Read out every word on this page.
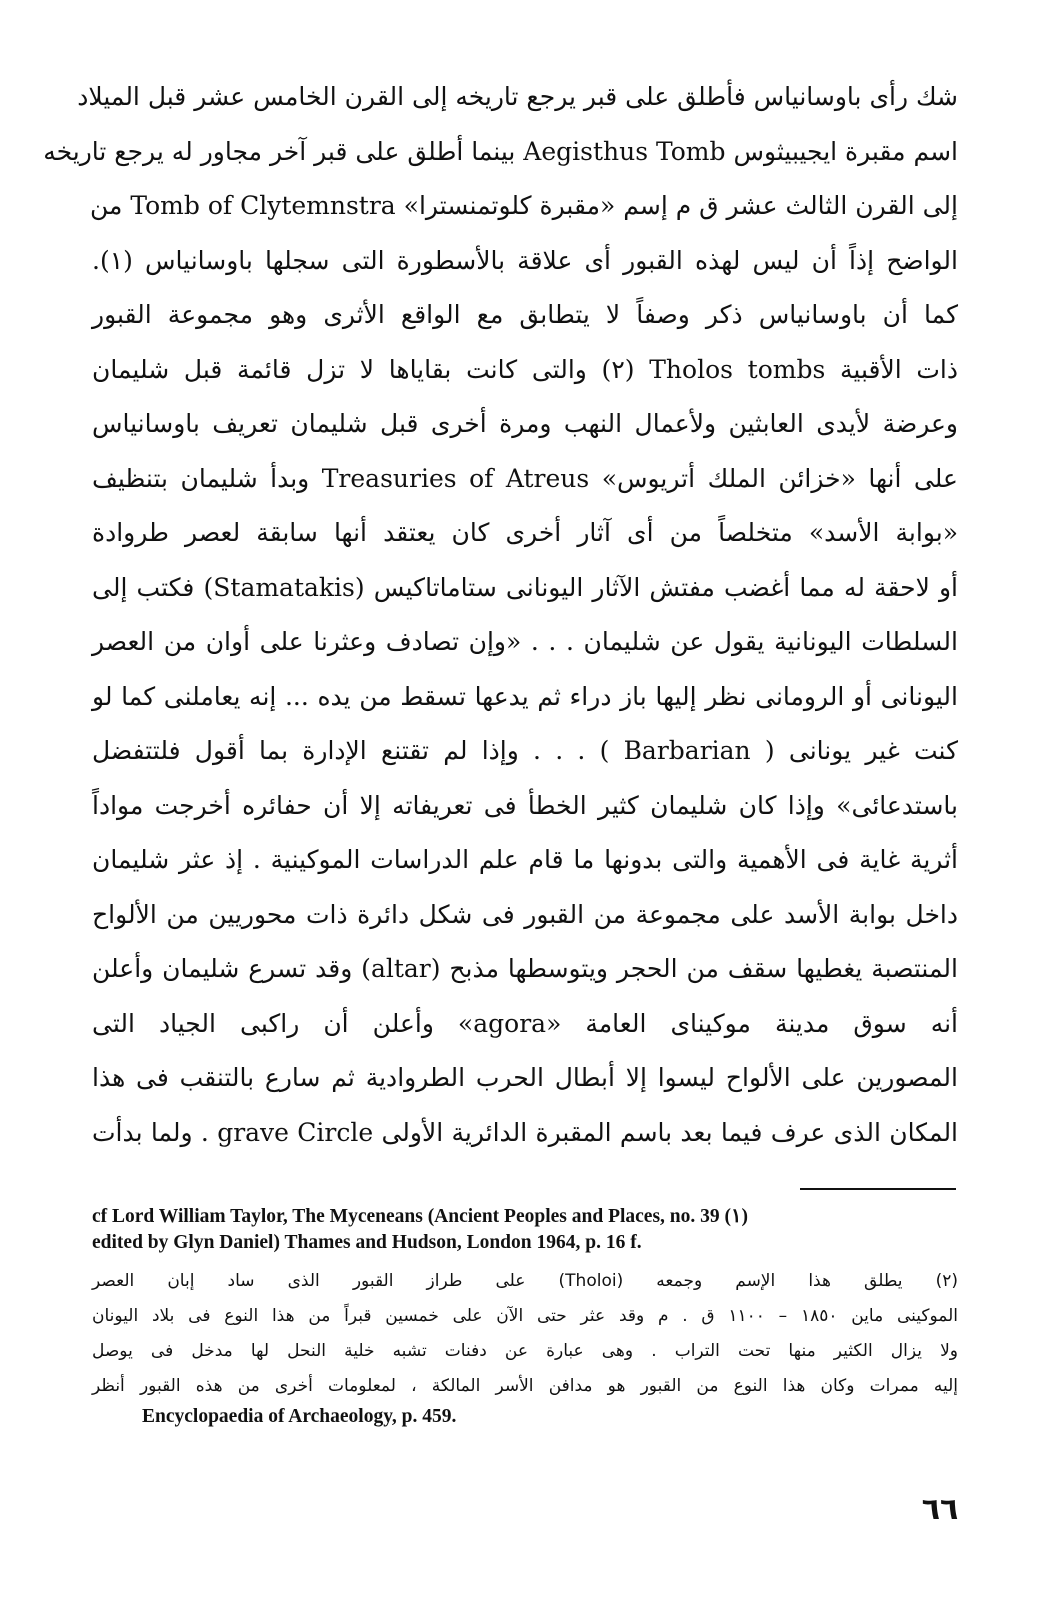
شك رأى باوسانياس فأطلق على قبر يرجع تاريخه إلى القرن الخامس عشر قبل الميلاد
اسم مقبرة ايجيبيثوس Aegisthus Tomb بينما أطلق على قبر آخر مجاور له يرجع تاريخه
إلى القرن الثالث عشر ق م إسم «مقبرة كلوتمنسترا» Tomb of Clytemnstra من
الواضح إذاً أن ليس لهذه القبور أى علاقة بالأسطورة التى سجلها باوسانياس (١).
كما أن باوسانياس ذكر وصفاً لا يتطابق مع الواقع الأثرى وهو مجموعة القبور
ذات الأقبية Tholos tombs (٢) والتى كانت بقاياها لا تزل قائمة قبل شليمان
وعرضة لأيدى العابثين ولأعمال النهب ومرة أخرى قبل شليمان تعريف باوسانياس
على أنها «خزائن الملك أتريوس» Treasuries of Atreus وبدأ شليمان بتنظيف
«بوابة الأسد» متخلصاً من أى آثار أخرى كان يعتقد أنها سابقة لعصر طروادة
أو لاحقة له مما أغضب مفتش الآثار اليونانى ستاماتاكيس (Stamatakis) فكتب إلى
السلطات اليونانية يقول عن شليمان . . . «وإن تصادف وعثرنا على أوان من العصر
اليونانى أو الرومانى نظر إليها باز دراء ثم يدعها تسقط من يده ... إنه يعاملنى كما لو
كنت غير يونانى ( Barbarian ) . . . وإذا لم تقتنع الإدارة بما أقول فلتتفضل
باستدعائى» وإذا كان شليمان كثير الخطأ فى تعريفاته إلا أن حفائره أخرجت مواداً
أثرية غاية فى الأهمية والتى بدونها ما قام علم الدراسات الموكينية . إذ عثر شليمان
داخل بوابة الأسد على مجموعة من القبور فى شكل دائرة ذات محوريين من الألواح
المنتصبة يغطيها سقف من الحجر ويتوسطها مذبح (altar) وقد تسرع شليمان وأعلن
أنه سوق مدينة موكيناى العامة «agora» وأعلن أن راكبى الجياد التى
المصورين على الألواح ليسوا إلا أبطال الحرب الطروادية ثم سارع بالتنقب فى هذا
المكان الذى عرف فيما بعد باسم المقبرة الدائرية الأولى grave Circle . ولما بدأت
cf Lord William Taylor, The Myceneans (Ancient Peoples and Places, no. 39 (١)
edited by Glyn Daniel) Thames and Hudson, London 1964, p. 16 f.
(٢) يطلق هذا الإسم وجمعه (Tholoi) على طراز القبور الذى ساد إبان العصر
الموكينى ماين ١٨٥٠ – ١١٠٠ ق . م وقد عثر حتى الآن على خمسين قبراً من هذا النوع فى بلاد اليونان
ولا يزال الكثير منها تحت التراب . وهى عبارة عن دفنات تشبه خلية النحل لها مدخل فى يوصل
إليه ممرات وكان هذا النوع من القبور هو مدافن الأسر المالكة ، لمعلومات أخرى من هذه القبور أنظر
Encyclopaedia of Archaeology, p. 459.
٦٦
